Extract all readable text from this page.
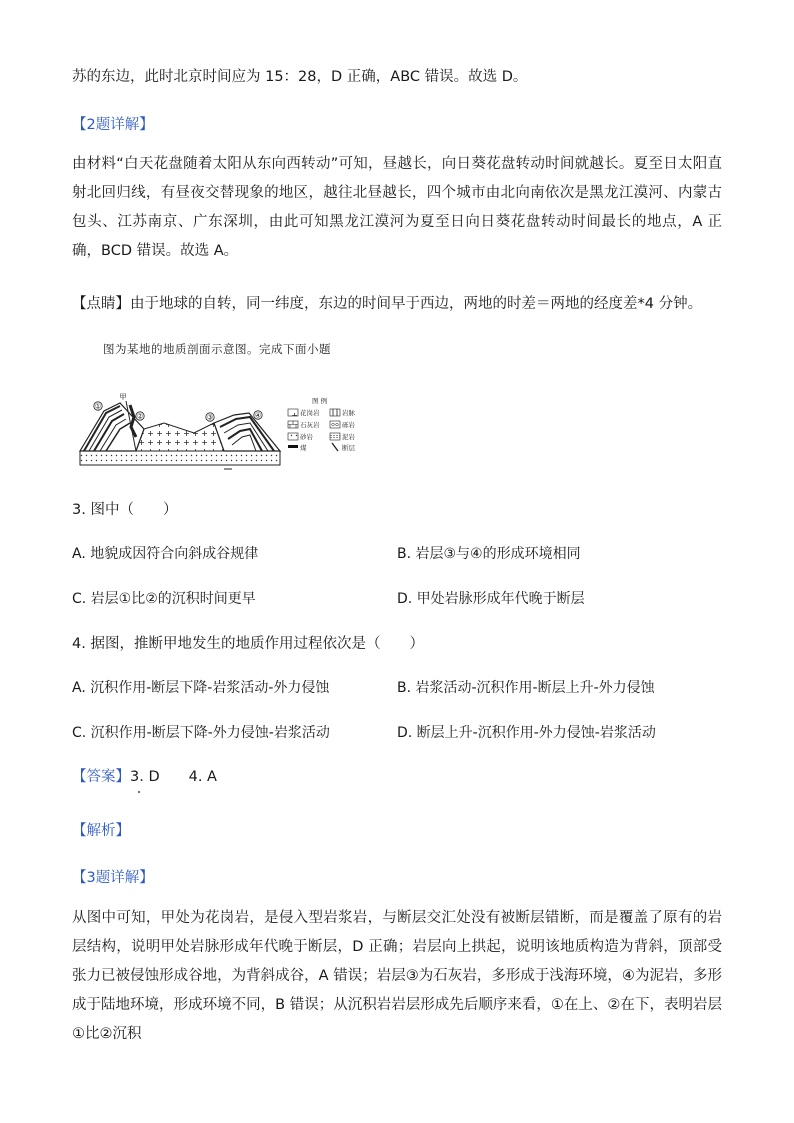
苏的东边，此时北京时间应为 15：28，D 正确，ABC 错误。故选 D。
【2题详解】
由材料“白天花盘随着太阳从东向西转动”可知，昼越长，向日葵花盘转动时间就越长。夏至日太阳直射北回归线，有昼夜交替现象的地区，越往北昼越长，四个城市由北向南依次是黑龙江漠河、内蒙古包头、江苏南京、广东深圳，由此可知黑龙江漠河为夏至日向日葵花盘转动时间最长的地点，A 正确，BCD 错误。故选 A。
【点睛】由于地球的自转，同一纬度，东边的时间早于西边，两地的时差＝两地的经度差*4 分钟。
图为某地的地质剖面示意图。完成下面小题
①
甲
②	③	④
图 例
花岗岩	岩脉
石灰岩	砾岩
砂岩	泥岩
煤	断层
3. 图中（　　）
A. 地貌成因符合向斜成谷规律	B. 岩层③与④的形成环境相同
C. 岩层①比②的沉积时间更早	D. 甲处岩脉形成年代晚于断层
4. 据图，推断甲地发生的地质作用过程依次是（　　）
A. 沉积作用-断层下降-岩浆活动-外力侵蚀	B. 岩浆活动-沉积作用-断层上升-外力侵蚀
C. 沉积作用-断层下降-外力侵蚀-岩浆活动	D. 断层上升-沉积作用-外力侵蚀-岩浆活动
【答案】3. D　　4. A
【解析】
【3题详解】
从图中可知，甲处为花岗岩，是侵入型岩浆岩，与断层交汇处没有被断层错断，而是覆盖了原有的岩层结构，说明甲处岩脉形成年代晚于断层，D 正确；岩层向上拱起，说明该地质构造为背斜，顶部受张力已被侵蚀形成谷地，为背斜成谷，A 错误；岩层③为石灰岩，多形成于浅海环境，④为泥岩，多形成于陆地环境，形成环境不同，B 错误；从沉积岩岩层形成先后顺序来看，①在上、②在下，表明岩层①比②沉积
